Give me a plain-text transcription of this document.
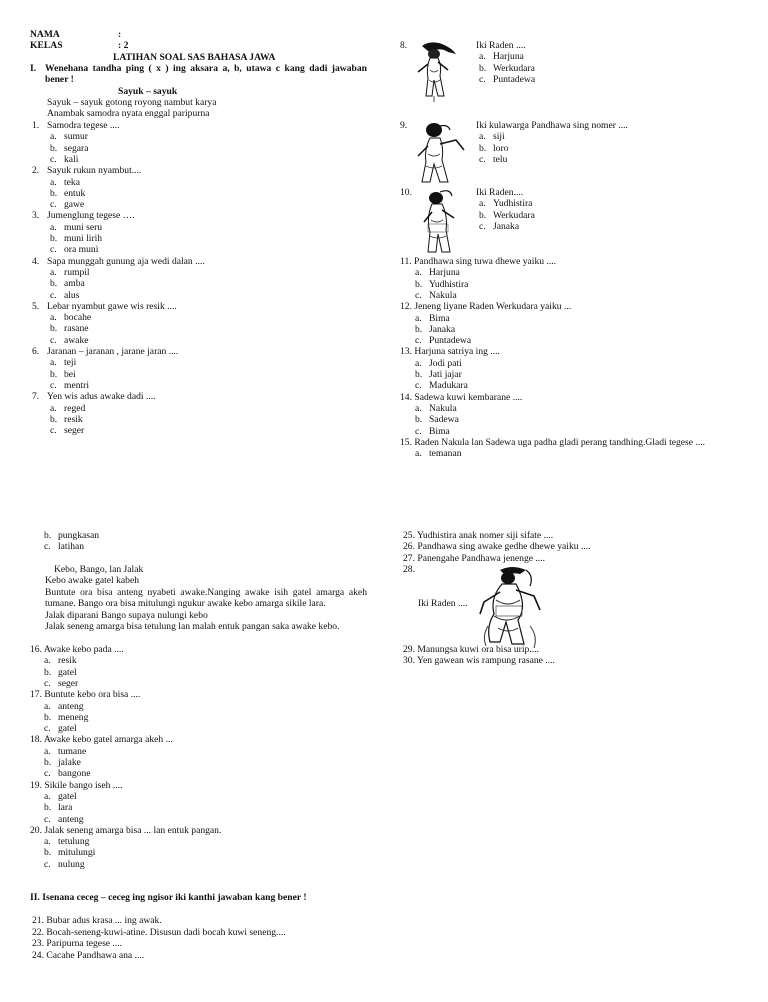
NAMA	:
KELAS	: 2
LATIHAN SOAL SAS BAHASA JAWA
I. Wenehana tandha ping ( x ) ing aksara a, b, utawa c kang dadi jawaban
bener !
Sayuk – sayuk
Sayuk – sayuk gotong royong nambut karya
Anambak samodra nyata enggal paripurna
1. Samodra tegese ....
a. sumur
b. segara
c. kali
2. Sayuk rukun nyambut....
a. teka
b. entuk
c. gawe
3. Jumenglung tegese ….
a. muni seru
b. muni lirih
c. ora muni
4. Sapa munggah gunung aja wedi dalan ....
a. rumpil
b. amba
c. alus
5. Lebar nyambut gawe wis resik ....
a. bocahe
b. rasane
c. awake
6. Jaranan – jaranan , jarane jaran ....
a. teji
b. bei
c. mentri
7. Yen wis adus awake dadi ....
a. reged
b. resik
c. seger
b. pungkasan
c. latihan
16. Awake kebo pada ....
a. resik
b. gatel
c. seger
17. Buntute kebo ora bisa ....
a. anteng
b. meneng
c. gatel
18. Awake kebo gatel amarga akeh ...
a. tumane
b. jalake
c. bangone
19. Sikile bango iseh ....
a. gatel
b. lara
c. anteng
20. Jalak seneng amarga bisa ... lan entuk pangan.
a. tetulung
b. mitulungi
c. nulung
8.	Iki Raden ....
a. Harjuna
b. Werkudara
c. Puntadewa
9.	Iki kulawarga Pandhawa sing nomer ....
a. siji
b. loro
c. telu
10.	Iki Raden....
a. Yudhistira
b. Werkudara
c. Janaka
11. Pandhawa sing tuwa dhewe yaiku ....
a. Harjuna
b. Yudhistira
c. Nakula
12. Jeneng liyane Raden Werkudara yaiku ...
a. Bima
b. Janaka
c. Puntadewa
13. Harjuna satriya ing ....
a. Jodi pati
b. Jati jajar
c. Madukara
14. Sadewa kuwi kembarane ....
a. Nakula
b. Sadewa
c. Bima
15. Raden Nakula lan Sadewa uga padha gladi perang tandhing.Gladi tegese ....
a. temanan
Kebo, Bango, lan Jalak
Kebo awake gatel kabeh
Buntute ora bisa anteng nyabeti awake.Nanging awake isih gatel amarga akeh tumane. Bango ora bisa mitulungi ngukur awake kebo amarga sikile lara.
Jalak diparani Bango supaya nulungi kebo
Jalak seneng amarga bisa tetulung lan malah entuk pangan saka awake kebo.
II. Isenana ceceg – ceceg ing ngisor iki kanthi jawaban kang bener !
21. Bubar adus krasa ... ing awak.
22. Bocah-seneng-kuwi-atine. Disusun dadi bocah kuwi seneng....
23. Paripurna tegese ....
24. Cacahe Pandhawa ana ....
25. Yudhistira anak nomer siji sifate ....
26. Pandhawa sing awake gedhe dhewe yaiku ....
27. Panengahe Pandhawa jenenge ....
28.
29. Manungsa kuwi ora bisa urip....
30. Yen gawean wis rampung rasane ....
Iki Raden ....
